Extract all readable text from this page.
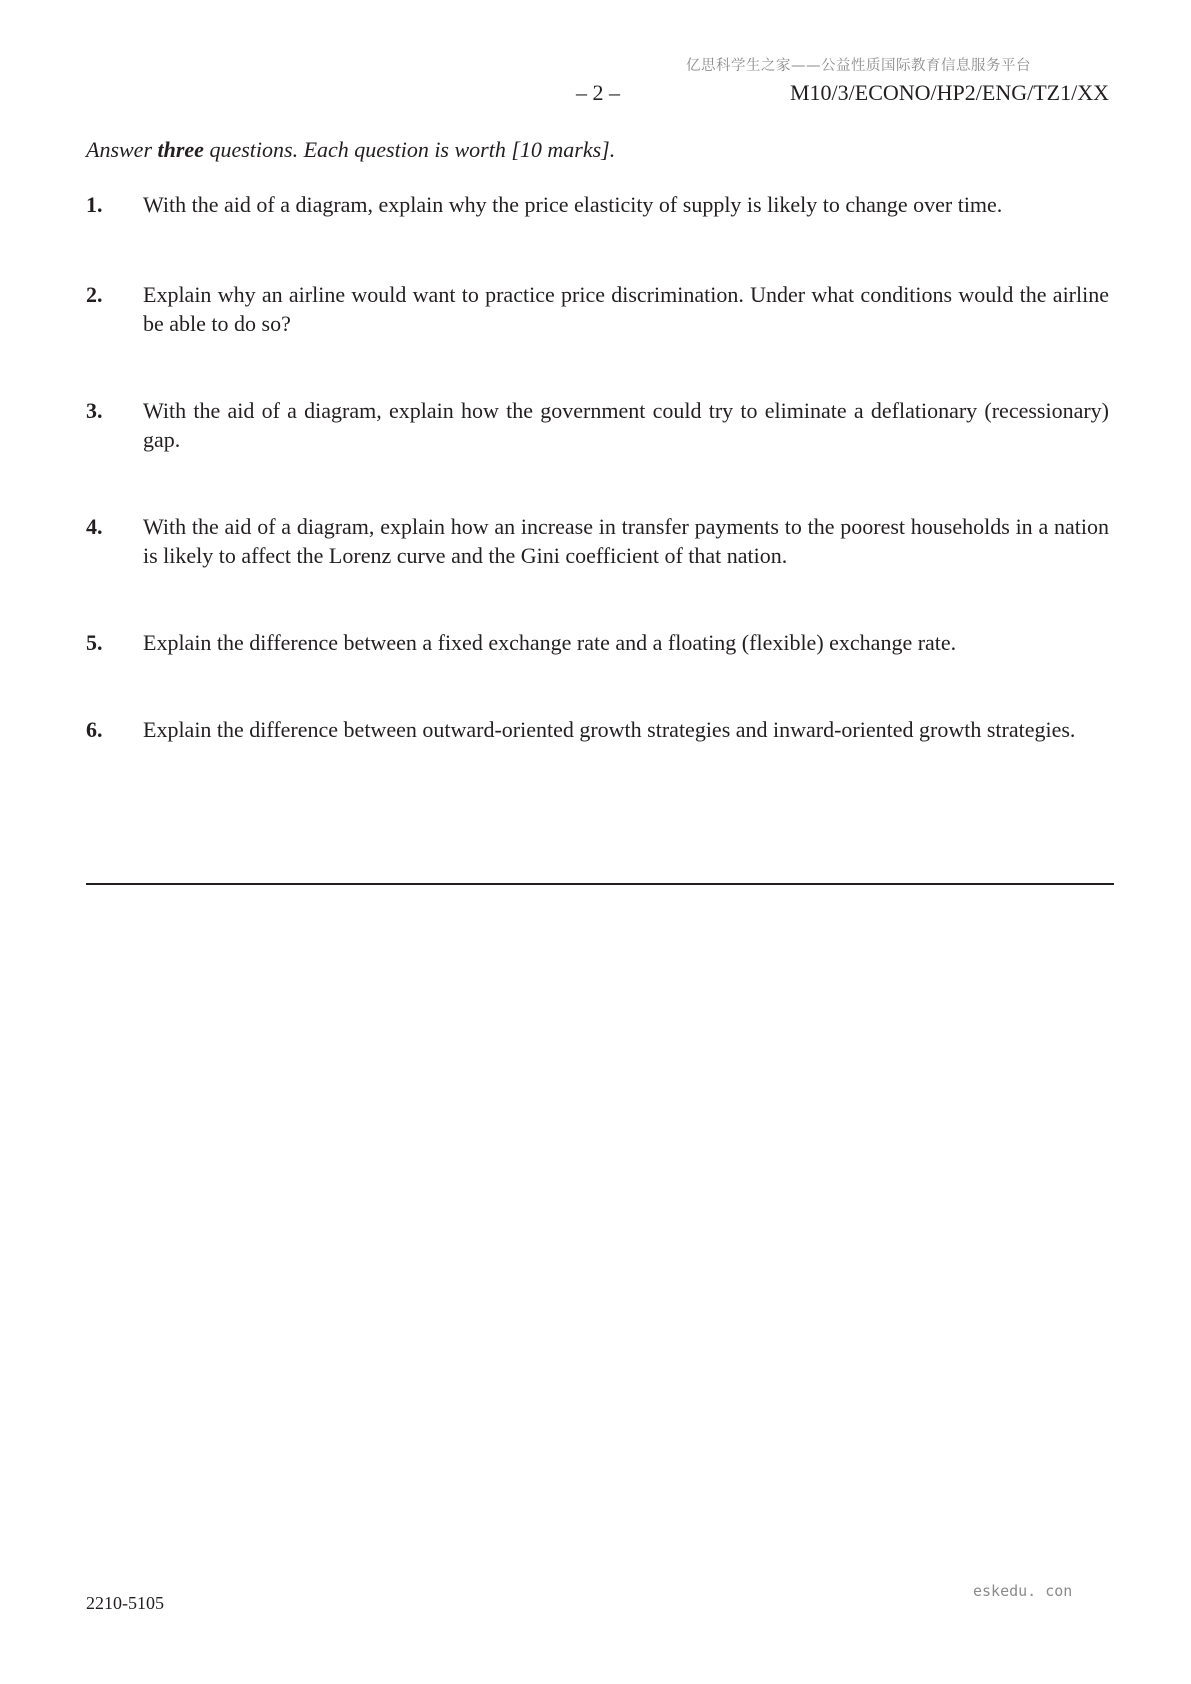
亿思科学生之家——公益性质国际教育信息服务平台
– 2 –	M10/3/ECONO/HP2/ENG/TZ1/XX
Answer three questions. Each question is worth [10 marks].
1. With the aid of a diagram, explain why the price elasticity of supply is likely to change over time.
2. Explain why an airline would want to practice price discrimination. Under what conditions would the airline be able to do so?
3. With the aid of a diagram, explain how the government could try to eliminate a deflationary (recessionary) gap.
4. With the aid of a diagram, explain how an increase in transfer payments to the poorest households in a nation is likely to affect the Lorenz curve and the Gini coefficient of that nation.
5. Explain the difference between a fixed exchange rate and a floating (flexible) exchange rate.
6. Explain the difference between outward-oriented growth strategies and inward-oriented growth strategies.
2210-5105
eskedu. con
